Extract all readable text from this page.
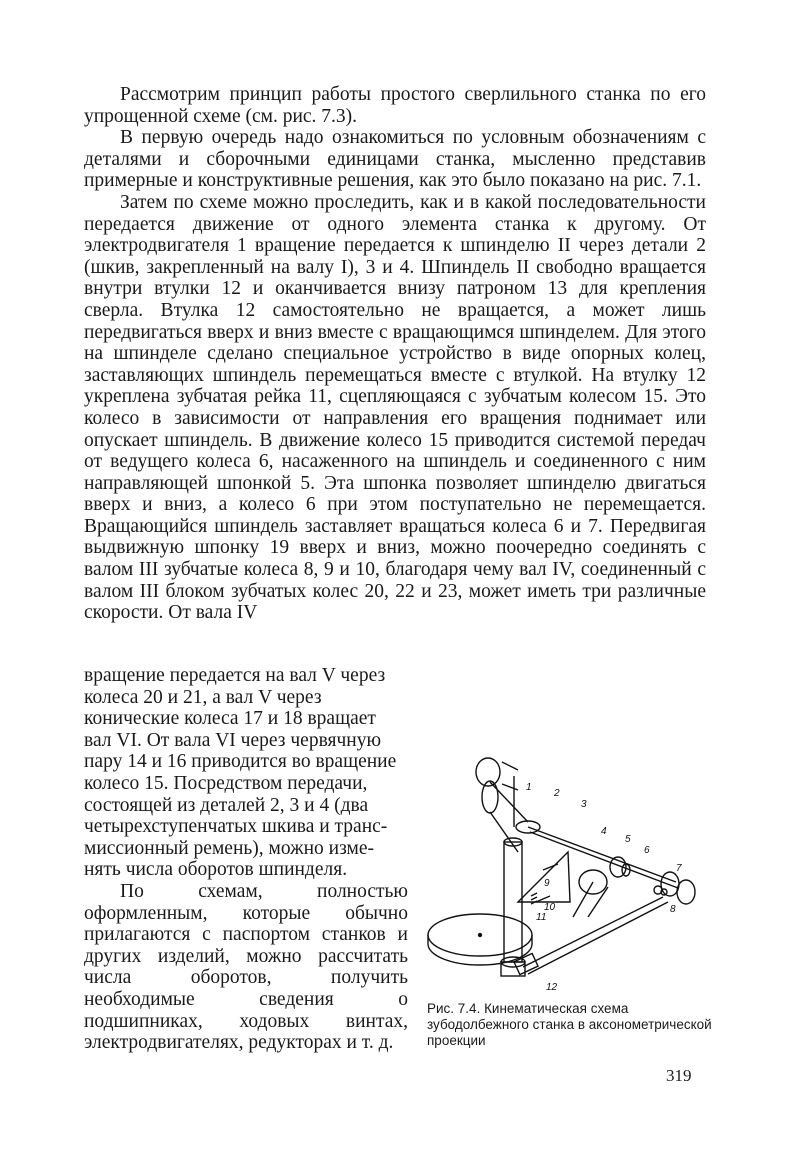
Рассмотрим принцип работы простого сверлильного станка по его упрощенной схеме (см. рис. 7.3).

В первую очередь надо ознакомиться по условным обозначениям с деталями и сборочными единицами станка, мысленно представив примерные и конструктивные решения, как это было показано на рис. 7.1.

Затем по схеме можно проследить, как и в какой последовательности передается движение от одного элемента станка к другому. От электродвигателя 1 вращение передается к шпинделю II через детали 2 (шкив, закрепленный на валу I), 3 и 4. Шпиндель II свободно вращается внутри втулки 12 и оканчивается внизу патроном 13 для крепления сверла. Втулка 12 самостоятельно не вращается, а может лишь передвигаться вверх и вниз вместе с вращающимся шпинделем. Для этого на шпинделе сделано специальное устройство в виде опорных колец, заставляющих шпиндель перемещаться вместе с втулкой. На втулку 12 укреплена зубчатая рейка 11, сцепляющаяся с зубчатым колесом 15. Это колесо в зависимости от направления его вращения поднимает или опускает шпиндель. В движение колесо 15 приводится системой передач от ведущего колеса 6, насаженного на шпиндель и соединенного с ним направляющей шпонкой 5. Эта шпонка позволяет шпинделю двигаться вверх и вниз, а колесо 6 при этом поступательно не перемещается. Вращающийся шпиндель заставляет вращаться колеса 6 и 7. Передвигая выдвижную шпонку 19 вверх и вниз, можно поочередно соединять с валом III зубчатые колеса 8, 9 и 10, благодаря чему вал IV, соединенный с валом III блоком зубчатых колес 20, 22 и 23, может иметь три различные скорости. От вала IV

вращение передается на вал V через

колеса 20 и 21, а вал V через

конические колеса 17 и 18 вращает

вал VI. От вала VI через червячную

пару 14 и 16 приводится во вращение

колесо 15. Посредством передачи,

состоящей из деталей 2, 3 и 4 (два

четырехступенчатых шкива и транс-

миссионный ремень), можно изме-

нять числа оборотов шпинделя.

По схемам, полностью оформленным, которые обычно прилагаются с паспортом станков и других изделий, можно рассчитать числа оборотов, получить необходимые сведения о подшипниках, ходовых винтах, электродвигателях, редукторах и т. д.

1
2
3
4
5
6
7
8
9
10
11
12
Рис. 7.4. Кинематическая схема зубодолбежного станка в аксонометрической проекции
319
